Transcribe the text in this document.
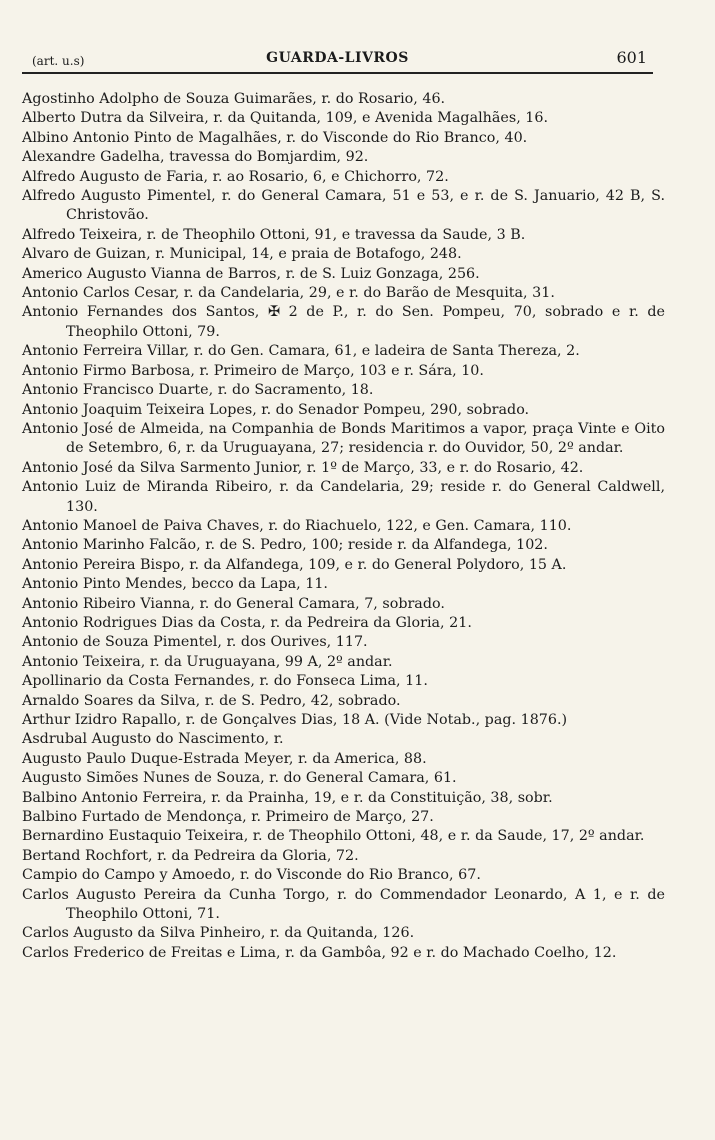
(art. u.s)	GUARDA-LIVROS	601
Agostinho Adolpho de Souza Guimarães, r. do Rosario, 46.
Alberto Dutra da Silveira, r. da Quitanda, 109, e Avenida Magalhães, 16.
Albino Antonio Pinto de Magalhães, r. do Visconde do Rio Branco, 40.
Alexandre Gadelha, travessa do Bomjardim, 92.
Alfredo Augusto de Faria, r. ao Rosario, 6, e Chichorro, 72.
Alfredo Augusto Pimentel, r. do General Camara, 51 e 53, e r. de S. Januario, 42 B, S. Christovão.
Alfredo Teixeira, r. de Theophilo Ottoni, 91, e travessa da Saude, 3 B.
Alvaro de Guizan, r. Municipal, 14, e praia de Botafogo, 248.
Americo Augusto Vianna de Barros, r. de S. Luiz Gonzaga, 256.
Antonio Carlos Cesar, r. da Candelaria, 29, e r. do Barão de Mesquita, 31.
Antonio Fernandes dos Santos, ✠ 2 de P., r. do Sen. Pompeu, 70, sobrado e r. de Theophilo Ottoni, 79.
Antonio Ferreira Villar, r. do Gen. Camara, 61, e ladeira de Santa Thereza, 2.
Antonio Firmo Barbosa, r. Primeiro de Março, 103 e r. Sára, 10.
Antonio Francisco Duarte, r. do Sacramento, 18.
Antonio Joaquim Teixeira Lopes, r. do Senador Pompeu, 290, sobrado.
Antonio José de Almeida, na Companhia de Bonds Maritimos a vapor, praça Vinte e Oito de Setembro, 6, r. da Uruguayana, 27; residencia r. do Ouvidor, 50, 2º andar.
Antonio José da Silva Sarmento Junior, r. 1º de Março, 33, e r. do Rosario, 42.
Antonio Luiz de Miranda Ribeiro, r. da Candelaria, 29; reside r. do General Caldwell, 130.
Antonio Manoel de Paiva Chaves, r. do Riachuelo, 122, e Gen. Camara, 110.
Antonio Marinho Falcão, r. de S. Pedro, 100; reside r. da Alfandega, 102.
Antonio Pereira Bispo, r. da Alfandega, 109, e r. do General Polydoro, 15 A.
Antonio Pinto Mendes, becco da Lapa, 11.
Antonio Ribeiro Vianna, r. do General Camara, 7, sobrado.
Antonio Rodrigues Dias da Costa, r. da Pedreira da Gloria, 21.
Antonio de Souza Pimentel, r. dos Ourives, 117.
Antonio Teixeira, r. da Uruguayana, 99 A, 2º andar.
Apollinario da Costa Fernandes, r. do Fonseca Lima, 11.
Arnaldo Soares da Silva, r. de S. Pedro, 42, sobrado.
Arthur Izidro Rapallo, r. de Gonçalves Dias, 18 A. (Vide Notab., pag. 1876.)
Asdrubal Augusto do Nascimento, r.
Augusto Paulo Duque-Estrada Meyer, r. da America, 88.
Augusto Simões Nunes de Souza, r. do General Camara, 61.
Balbino Antonio Ferreira, r. da Prainha, 19, e r. da Constituição, 38, sobr.
Balbino Furtado de Mendonça, r. Primeiro de Março, 27.
Bernardino Eustaquio Teixeira, r. de Theophilo Ottoni, 48, e r. da Saude, 17, 2º andar.
Bertand Rochfort, r. da Pedreira da Gloria, 72.
Campio do Campo y Amoedo, r. do Visconde do Rio Branco, 67.
Carlos Augusto Pereira da Cunha Torgo, r. do Commendador Leonardo, A 1, e r. de Theophilo Ottoni, 71.
Carlos Augusto da Silva Pinheiro, r. da Quitanda, 126.
Carlos Frederico de Freitas e Lima, r. da Gambôa, 92 e r. do Machado Coelho, 12.
